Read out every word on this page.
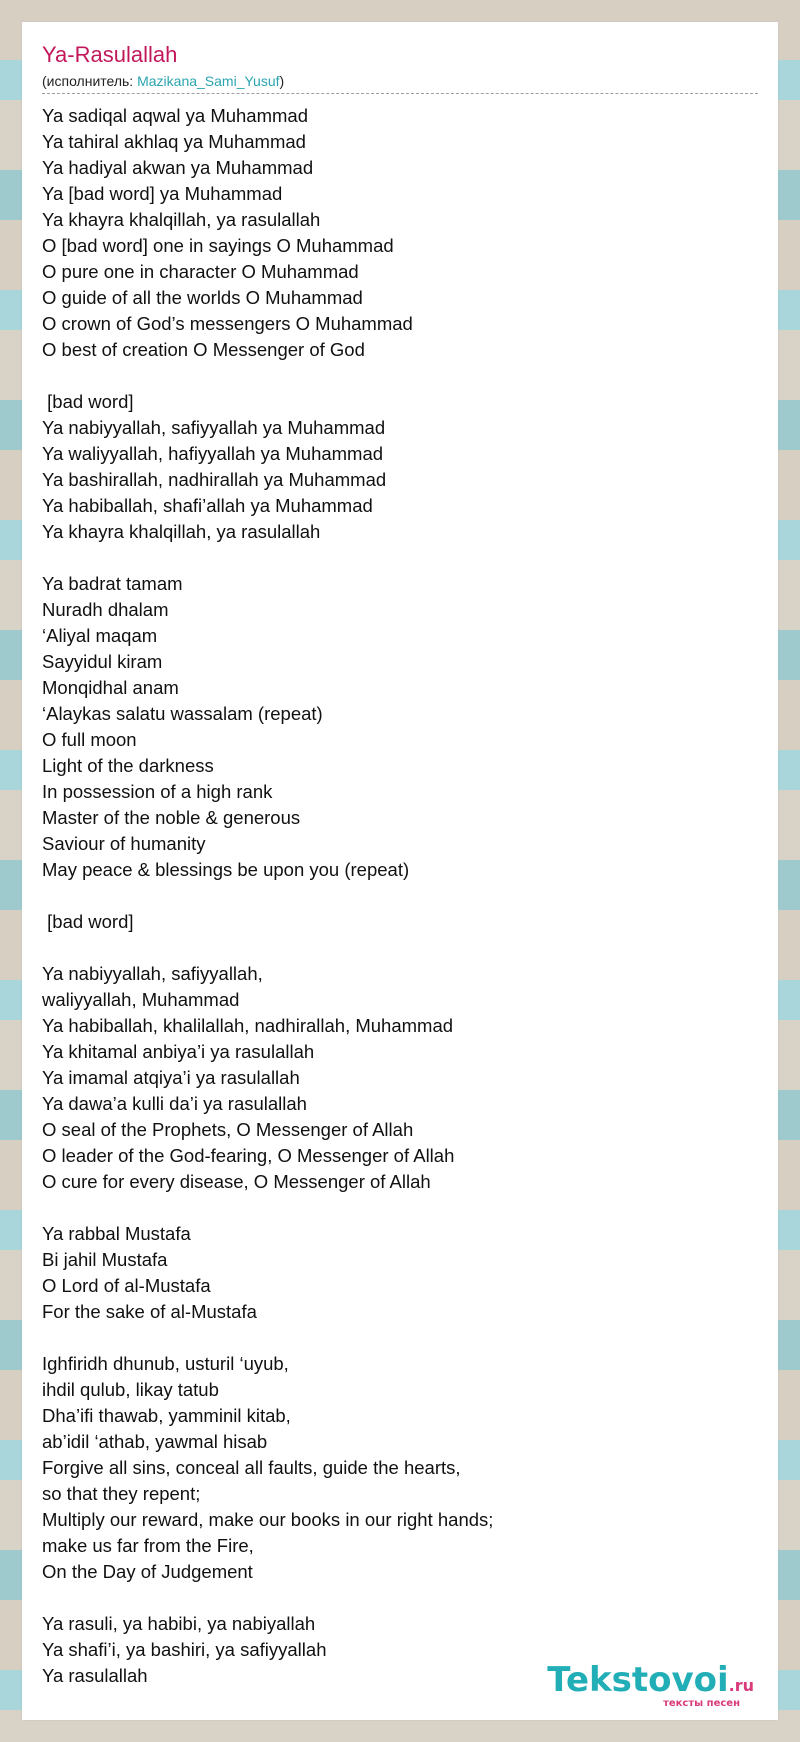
Ya-Rasulallah
(исполнитель: Mazikana_Sami_Yusuf)
Ya sadiqal aqwal ya Muhammad
Ya tahiral akhlaq ya Muhammad
Ya hadiyal akwan ya Muhammad
Ya [bad word] ya Muhammad
Ya khayra khalqillah, ya rasulallah
O [bad word] one in sayings O Muhammad
O pure one in character O Muhammad
O guide of all the worlds O Muhammad
O crown of God’s messengers O Muhammad
O best of creation O Messenger of God
[bad word]
Ya nabiyyallah, safiyyallah ya Muhammad
Ya waliyyallah, hafiyyallah ya Muhammad
Ya bashirallah, nadhirallah ya Muhammad
Ya habiballah, shafi’allah ya Muhammad
Ya khayra khalqillah, ya rasulallah
Ya badrat tamam
Nuradh dhalam
‘Aliyal maqam
Sayyidul kiram
Monqidhal anam
‘Alaykas salatu wassalam (repeat)
O full moon
Light of the darkness
In possession of a high rank
Master of the noble & generous
Saviour of humanity
May peace & blessings be upon you (repeat)
[bad word]
Ya nabiyyallah, safiyyallah,
waliyyallah, Muhammad
Ya habiballah, khalilallah, nadhirallah, Muhammad
Ya khitamal anbiya’i ya rasulallah
Ya imamal atqiya’i ya rasulallah
Ya dawa’a kulli da’i ya rasulallah
O seal of the Prophets, O Messenger of Allah
O leader of the God-fearing, O Messenger of Allah
O cure for every disease, O Messenger of Allah
Ya rabbal Mustafa
Bi jahil Mustafa
O Lord of al-Mustafa
For the sake of al-Mustafa
Ighfiridh dhunub, usturil ‘uyub,
ihdil qulub, likay tatub
Dha’ifi thawab, yamminil kitab,
ab’idil ‘athab, yawmal hisab
Forgive all sins, conceal all faults, guide the hearts,
so that they repent;
Multiply our reward, make our books in our right hands;
make us far from the Fire,
On the Day of Judgement
Ya rasuli, ya habibi, ya nabiyallah
Ya shafi’i, ya bashiri, ya safiyyallah
Ya rasulallah	Tekstovoi.ru
тексты песен
